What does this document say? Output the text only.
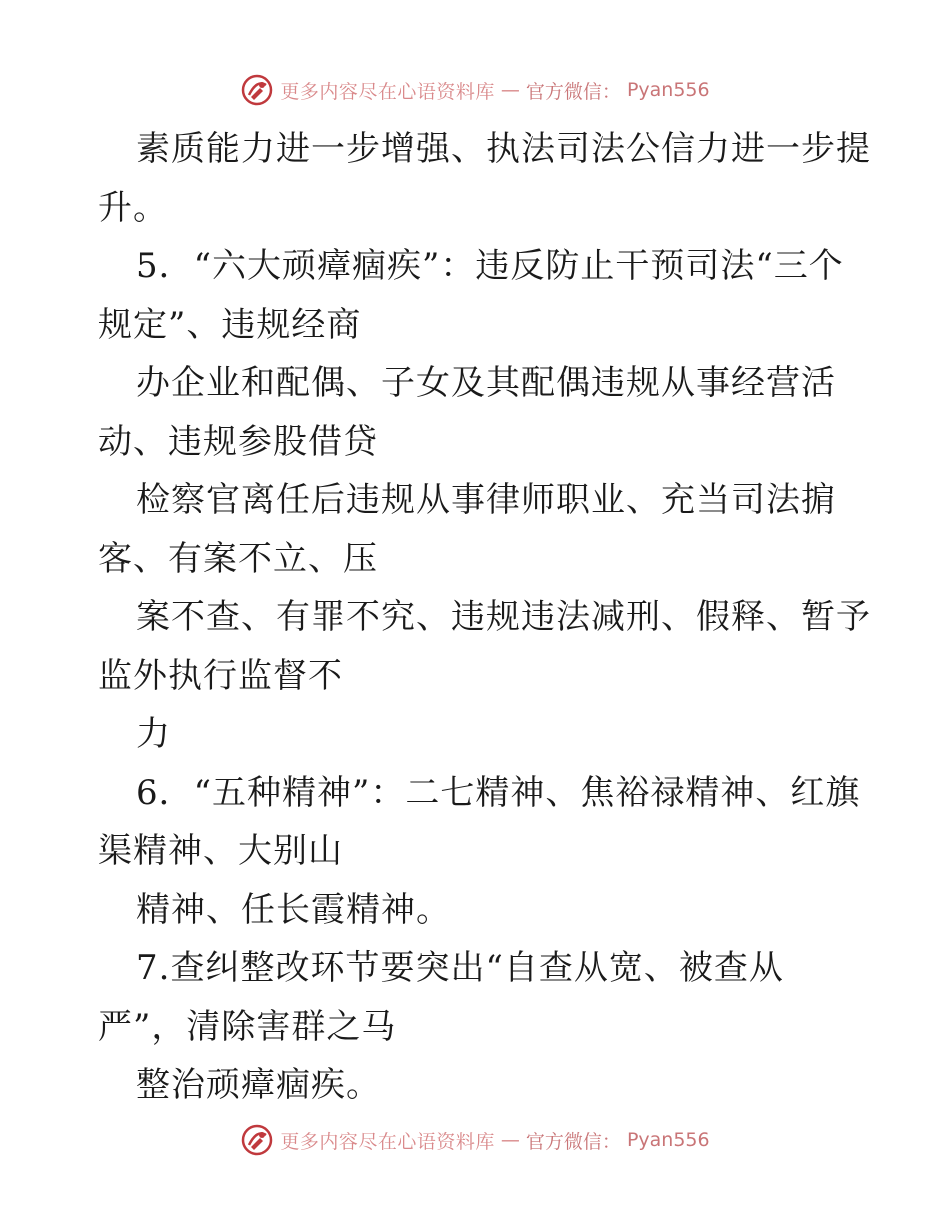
更多内容尽在心语资料库 — 官方微信： Pyan556
素质能力进一步增强、执法司法公信力进一步提
升。
5．“六大顽瘴痼疾”：违反防止干预司法“三个
规定”、违规经商
办企业和配偶、子女及其配偶违规从事经营活
动、违规参股借贷
检察官离任后违规从事律师职业、充当司法掮
客、有案不立、压
案不查、有罪不究、违规违法减刑、假释、暂予
监外执行监督不
力
6．“五种精神”：二七精神、焦裕禄精神、红旗
渠精神、大别山
精神、任长霞精神。
7.查纠整改环节要突出“自查从宽、被查从
严”，清除害群之马
整治顽瘴痼疾。
更多内容尽在心语资料库 — 官方微信： Pyan556
